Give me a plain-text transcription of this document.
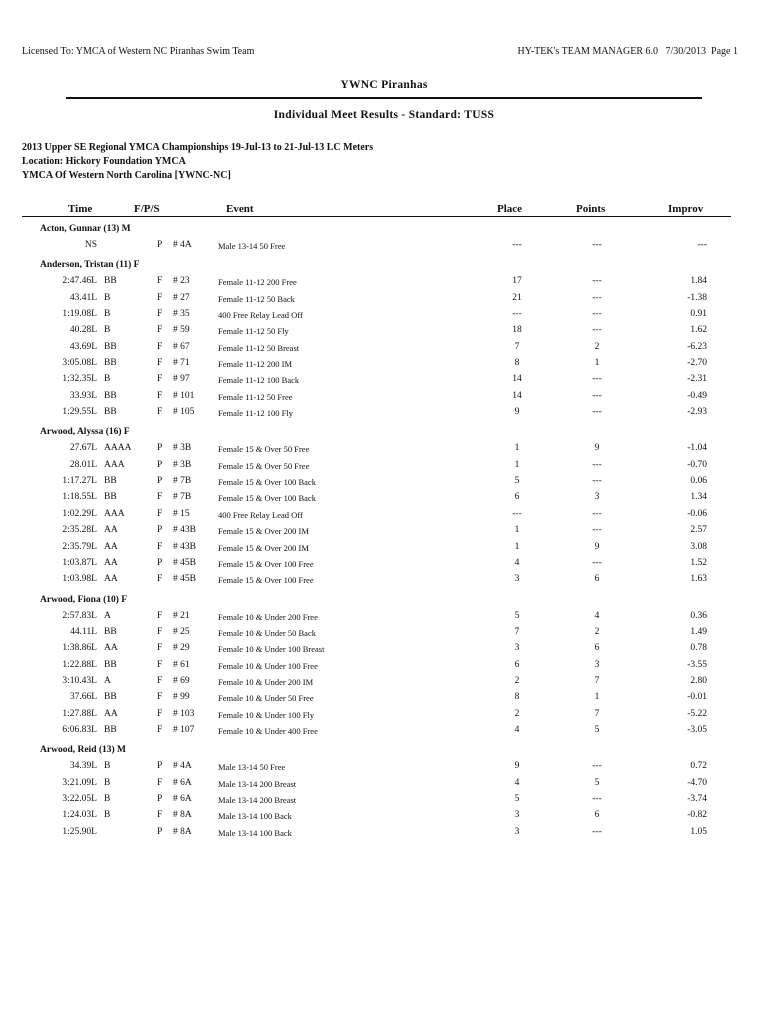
Licensed To: YMCA of Western NC Piranhas Swim Team	HY-TEK's TEAM MANAGER 6.0   7/30/2013  Page 1
YWNC Piranhas
Individual Meet Results - Standard: TUSS
2013 Upper SE Regional YMCA Championships 19-Jul-13 to 21-Jul-13 LC Meters
Location: Hickory Foundation YMCA
YMCA Of Western North Carolina [YWNC-NC]
Time	F/P/S	Event	Place	Points	Improv
Acton, Gunnar (13) M
NS	P # 4A	Male 13-14 50 Free	---	---	---
Anderson, Tristan (11) F
2:47.46L BB	F # 23	Female 11-12 200 Free	17	---	1.84
43.41L B	F # 27	Female 11-12 50 Back	21	---	-1.38
1:19.08L B	F # 35	400 Free Relay Lead Off	---	---	0.91
40.28L B	F # 59	Female 11-12 50 Fly	18	---	1.62
43.69L BB	F # 67	Female 11-12 50 Breast	7	2	-6.23
3:05.08L BB	F # 71	Female 11-12 200 IM	8	1	-2.70
1:32.35L B	F # 97	Female 11-12 100 Back	14	---	-2.31
33.93L BB	F # 101	Female 11-12 50 Free	14	---	-0.49
1:29.55L BB	F # 105	Female 11-12 100 Fly	9	---	-2.93
Arwood, Alyssa (16) F
27.67L AAAA	P # 3B	Female 15 & Over 50 Free	1	9	-1.04
28.01L AAA	P # 3B	Female 15 & Over 50 Free	1	---	-0.70
1:17.27L BB	P # 7B	Female 15 & Over 100 Back	5	---	0.06
1:18.55L BB	F # 7B	Female 15 & Over 100 Back	6	3	1.34
1:02.29L AAA	F # 15	400 Free Relay Lead Off	---	---	-0.06
2:35.28L AA	P # 43B	Female 15 & Over 200 IM	1	---	2.57
2:35.79L AA	F # 43B	Female 15 & Over 200 IM	1	9	3.08
1:03.87L AA	P # 45B	Female 15 & Over 100 Free	4	---	1.52
1:03.98L AA	F # 45B	Female 15 & Over 100 Free	3	6	1.63
Arwood, Fiona (10) F
2:57.83L A	F # 21	Female 10 & Under 200 Free	5	4	0.36
44.11L BB	F # 25	Female 10 & Under 50 Back	7	2	1.49
1:38.86L AA	F # 29	Female 10 & Under 100 Breast	3	6	0.78
1:22.88L BB	F # 61	Female 10 & Under 100 Free	6	3	-3.55
3:10.43L A	F # 69	Female 10 & Under 200 IM	2	7	2.80
37.66L BB	F # 99	Female 10 & Under 50 Free	8	1	-0.01
1:27.88L AA	F # 103	Female 10 & Under 100 Fly	2	7	-5.22
6:06.83L BB	F # 107	Female 10 & Under 400 Free	4	5	-3.05
Arwood, Reid (13) M
34.39L B	P # 4A	Male 13-14 50 Free	9	---	0.72
3:21.09L B	F # 6A	Male 13-14 200 Breast	4	5	-4.70
3:22.05L B	P # 6A	Male 13-14 200 Breast	5	---	-3.74
1:24.03L B	F # 8A	Male 13-14 100 Back	3	6	-0.82
1:25.90L	P # 8A	Male 13-14 100 Back	3	---	1.05
